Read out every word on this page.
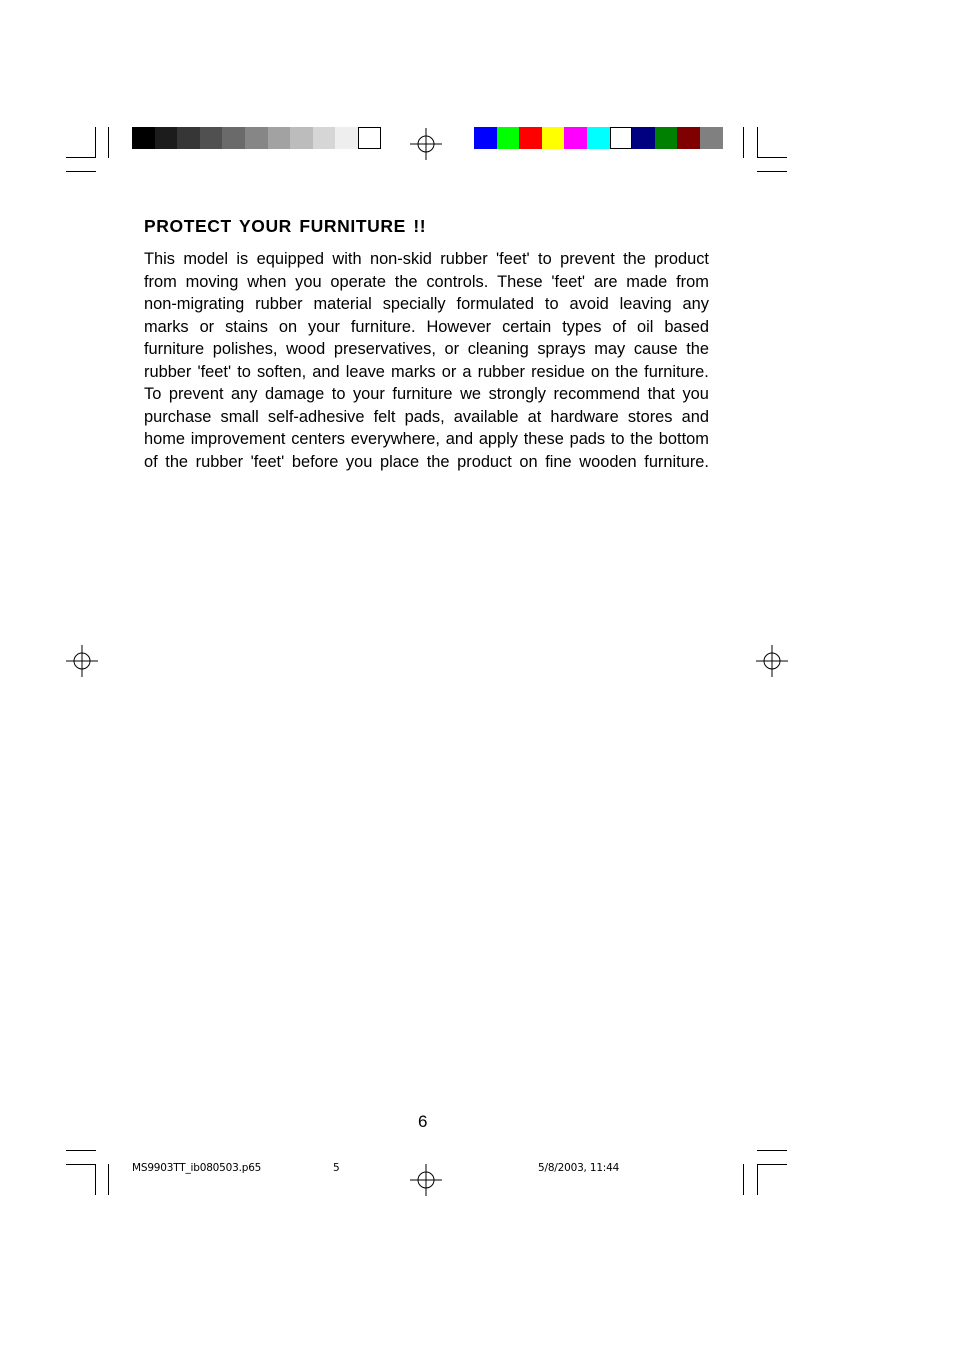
PROTECT YOUR FURNITURE !!
This model is equipped with non-skid rubber 'feet' to prevent the product
from moving when you operate the controls. These 'feet' are made from
non-migrating rubber material specially formulated to avoid leaving any
marks or stains on your furniture. However certain types of oil based
furniture polishes, wood preservatives, or cleaning sprays may cause the
rubber 'feet' to soften, and leave marks or a rubber residue on the furniture.
To prevent any damage to your furniture we strongly recommend that you
purchase small self-adhesive felt pads, available at hardware stores and
home improvement centers everywhere, and apply these pads to the bottom
of the rubber 'feet' before you place the product on fine wooden furniture.
6
MS9903TT_ib080503.p65	5	5/8/2003, 11:44
